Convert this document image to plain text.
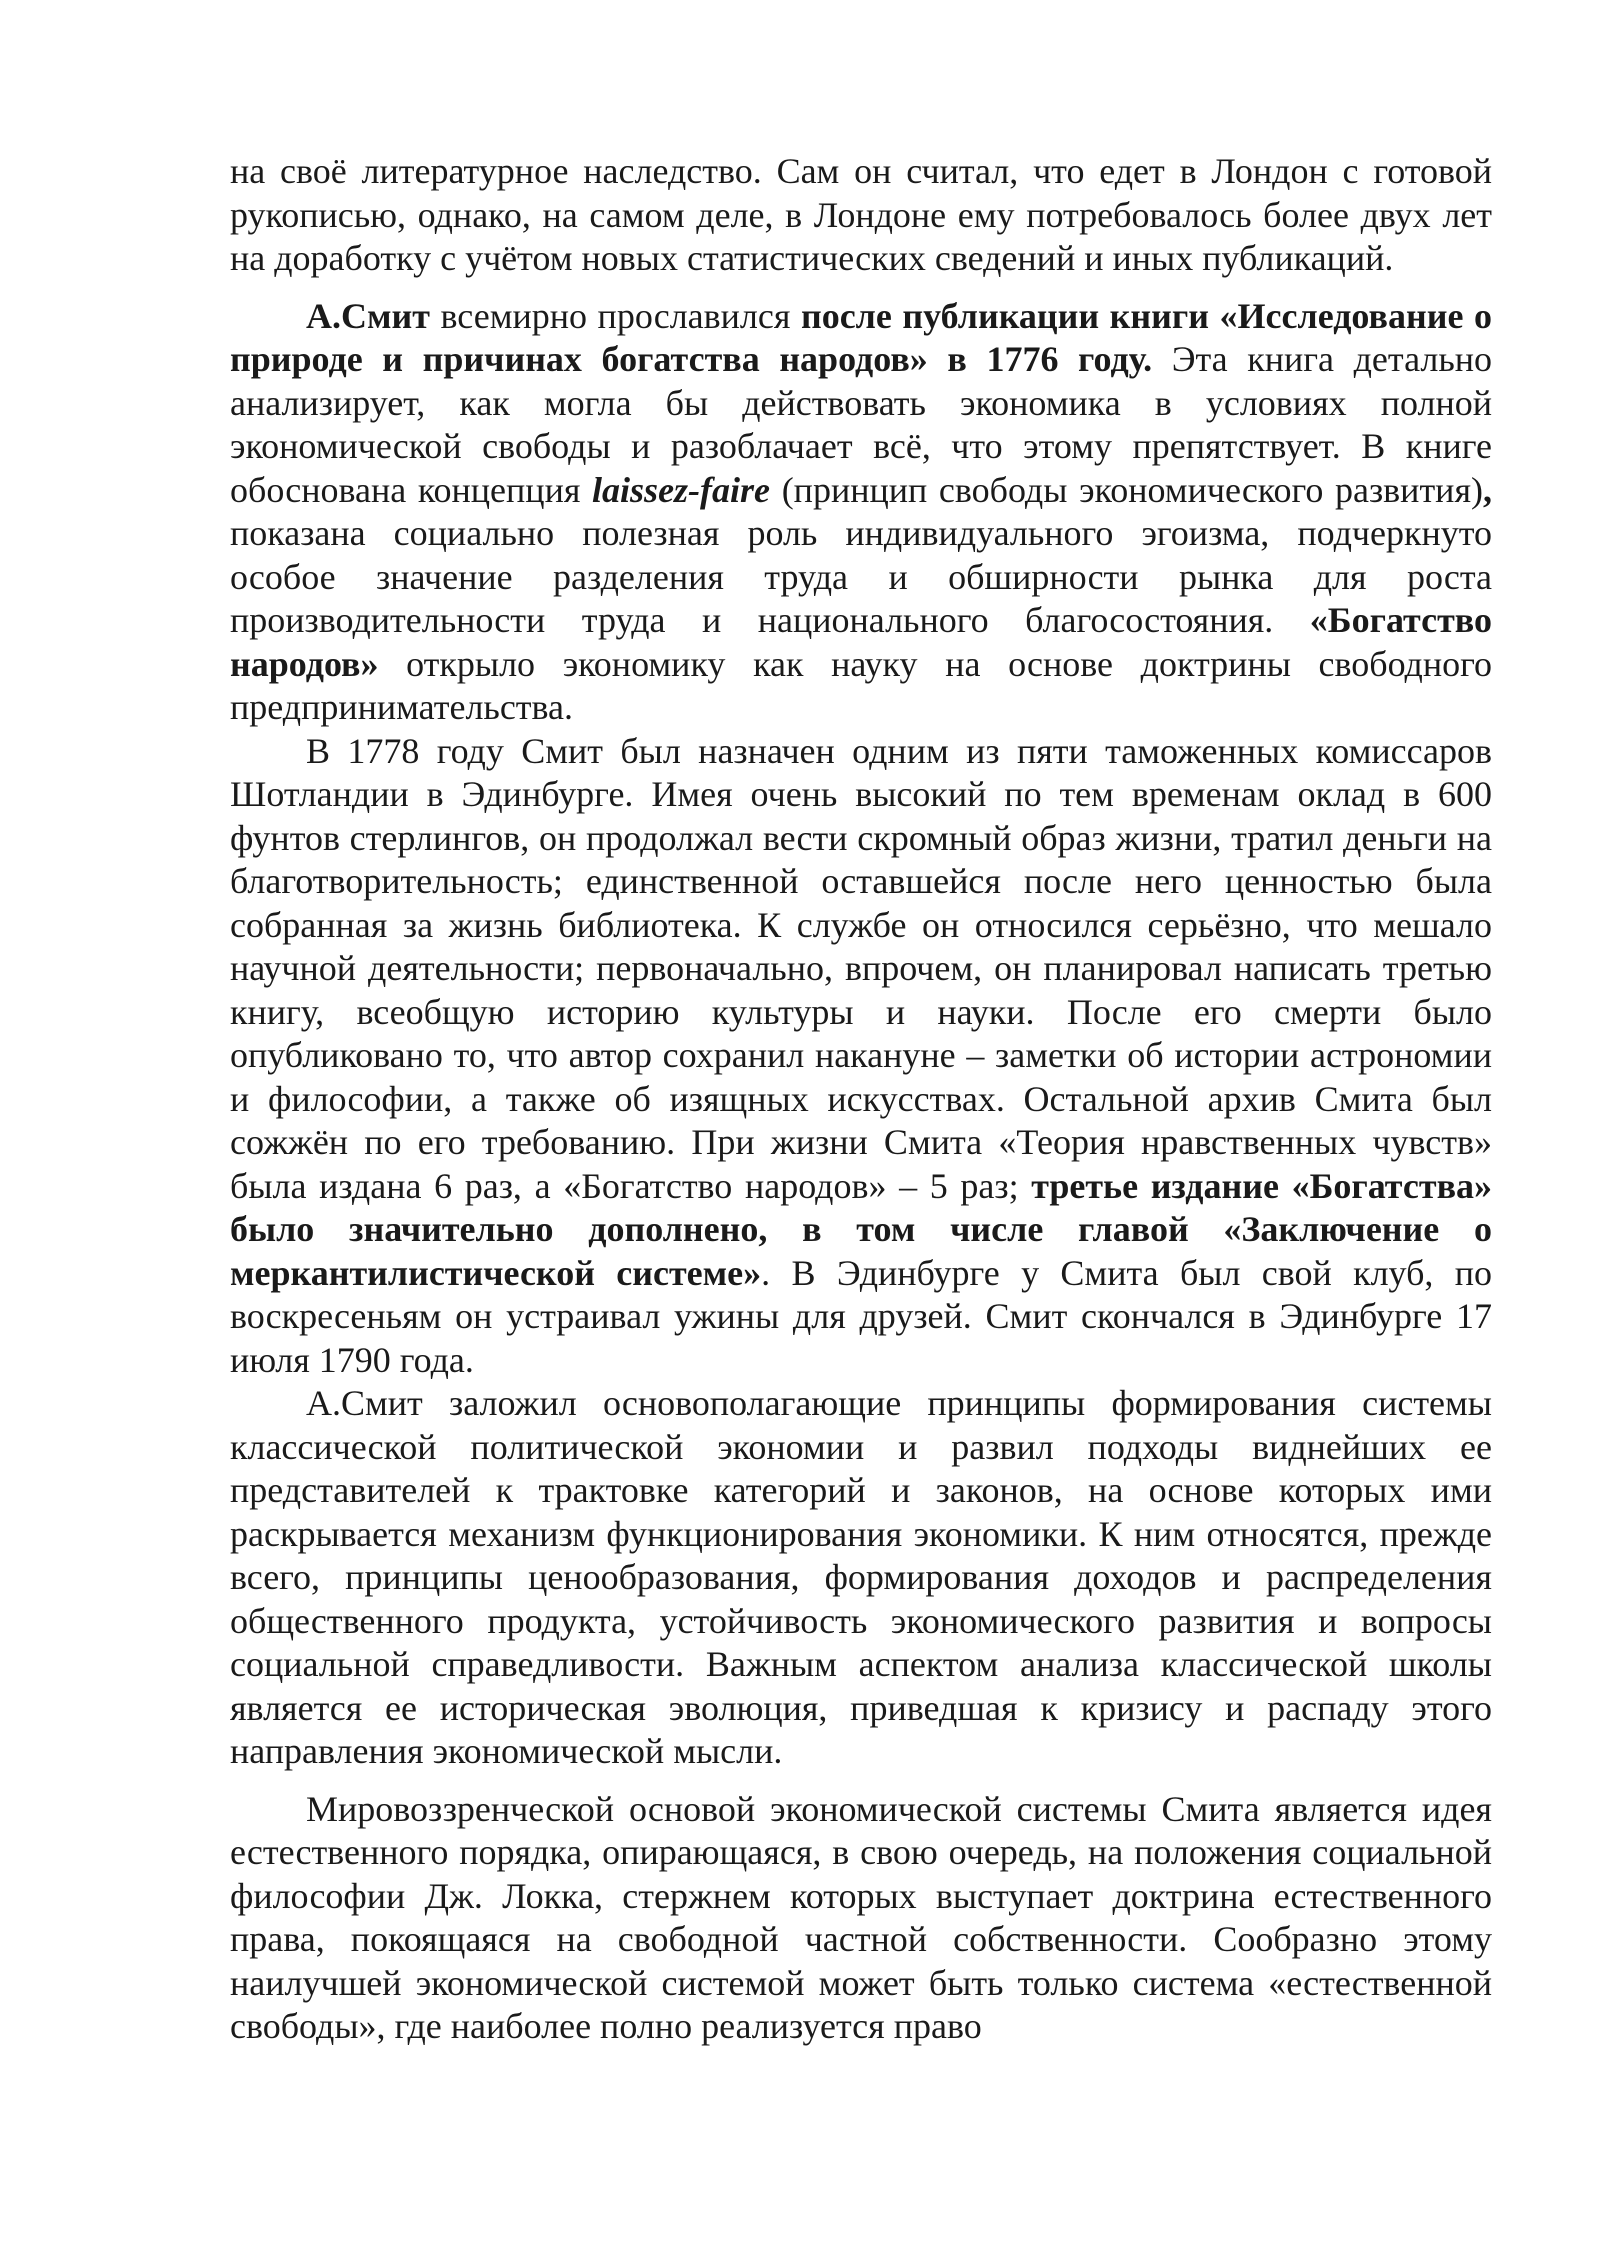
на своё литературное наследство. Сам он считал, что едет в Лондон с готовой рукописью, однако, на самом деле, в Лондоне ему потребовалось более двух лет на доработку с учётом новых статистических сведений и иных публикаций.

А.Смит всемирно прославился после публикации книги «Исследование о природе и причинах богатства народов» в 1776 году. Эта книга детально анализирует, как могла бы действовать экономика в условиях полной экономической свободы и разоблачает всё, что этому препятствует. В книге обоснована концепция laissez-faire (принцип свободы экономического развития), показана социально полезная роль индивидуального эгоизма, подчеркнуто особое значение разделения труда и обширности рынка для роста производительности труда и национального благосостояния. «Богатство народов» открыло экономику как науку на основе доктрины свободного предпринимательства.

В 1778 году Смит был назначен одним из пяти таможенных комиссаров Шотландии в Эдинбурге. Имея очень высокий по тем временам оклад в 600 фунтов стерлингов, он продолжал вести скромный образ жизни, тратил деньги на благотворительность; единственной оставшейся после него ценностью была собранная за жизнь библиотека. К службе он относился серьёзно, что мешало научной деятельности; первоначально, впрочем, он планировал написать третью книгу, всеобщую историю культуры и науки. После его смерти было опубликовано то, что автор сохранил накануне – заметки об истории астрономии и философии, а также об изящных искусствах. Остальной архив Смита был сожжён по его требованию. При жизни Смита «Теория нравственных чувств» была издана 6 раз, а «Богатство народов» – 5 раз; третье издание «Богатства» было значительно дополнено, в том числе главой «Заключение о меркантилистической системе». В Эдинбурге у Смита был свой клуб, по воскресеньям он устраивал ужины для друзей. Смит скончался в Эдинбурге 17 июля 1790 года.

А.Смит заложил основополагающие принципы формирования системы классической политической экономии и развил подходы виднейших ее представителей к трактовке категорий и законов, на основе которых ими раскрывается механизм функционирования экономики. К ним относятся, прежде всего, принципы ценообразования, формирования доходов и распределения общественного продукта, устойчивость экономического развития и вопросы социальной справедливости. Важным аспектом анализа классической школы является ее историческая эволюция, приведшая к кризису и распаду этого направления экономической мысли.

Мировоззренческой основой экономической системы Смита является идея естественного порядка, опирающаяся, в свою очередь, на положения социальной философии Дж. Локка, стержнем которых выступает доктрина естественного права, покоящаяся на свободной частной собственности. Сообразно этому наилучшей экономической системой может быть только система «естественной свободы», где наиболее полно реализуется право
